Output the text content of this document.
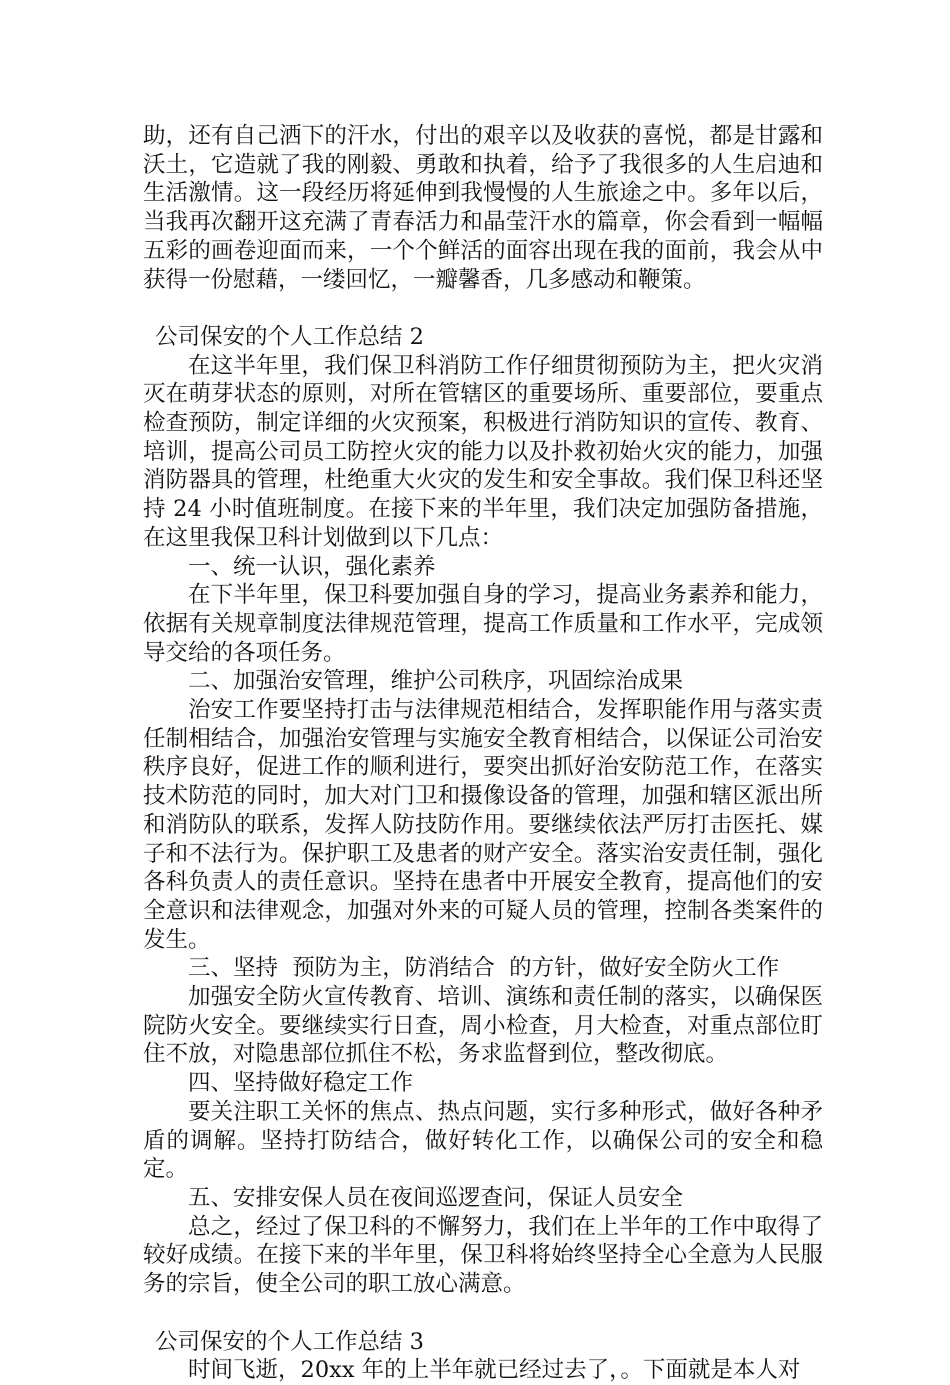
助，还有自己洒下的汗水，付出的艰辛以及收获的喜悦，都是甘露和沃土，它造就了我的刚毅、勇敢和执着，给予了我很多的人生启迪和生活激情。这一段经历将延伸到我慢慢的人生旅途之中。多年以后，当我再次翻开这充满了青春活力和晶莹汗水的篇章，你会看到一幅幅五彩的画卷迎面而来，一个个鲜活的面容出现在我的面前，我会从中获得一份慰藉，一缕回忆，一瓣馨香，几多感动和鞭策。

公司保安的个人工作总结 2

在这半年里，我们保卫科消防工作仔细贯彻预防为主，把火灾消灭在萌芽状态的原则，对所在管辖区的重要场所、重要部位，要重点检查预防，制定详细的火灾预案，积极进行消防知识的宣传、教育、培训，提高公司员工防控火灾的能力以及扑救初始火灾的能力，加强消防器具的管理，杜绝重大火灾的发生和安全事故。我们保卫科还坚持 24 小时值班制度。在接下来的半年里，我们决定加强防备措施，在这里我保卫科计划做到以下几点：

一、统一认识，强化素养

在下半年里，保卫科要加强自身的学习，提高业务素养和能力，依据有关规章制度法律规范管理，提高工作质量和工作水平，完成领导交给的各项任务。

二、加强治安管理，维护公司秩序，巩固综治成果

治安工作要坚持打击与法律规范相结合，发挥职能作用与落实责任制相结合，加强治安管理与实施安全教育相结合，以保证公司治安秩序良好，促进工作的顺利进行，要突出抓好治安防范工作，在落实技术防范的同时，加大对门卫和摄像设备的管理，加强和辖区派出所和消防队的联系，发挥人防技防作用。要继续依法严厉打击医托、媒子和不法行为。保护职工及患者的财产安全。落实治安责任制，强化各科负责人的责任意识。坚持在患者中开展安全教育，提高他们的安全意识和法律观念，加强对外来的可疑人员的管理，控制各类案件的发生。

三、坚持  预防为主，防消结合  的方针，做好安全防火工作

加强安全防火宣传教育、培训、演练和责任制的落实，以确保医院防火安全。要继续实行日查，周小检查，月大检查，对重点部位盯住不放，对隐患部位抓住不松，务求监督到位，整改彻底。

四、坚持做好稳定工作

要关注职工关怀的焦点、热点问题，实行多种形式，做好各种矛盾的调解。坚持打防结合，做好转化工作，以确保公司的安全和稳定。

五、安排安保人员在夜间巡逻查问，保证人员安全

总之，经过了保卫科的不懈努力，我们在上半年的工作中取得了较好成绩。在接下来的半年里，保卫科将始终坚持全心全意为人民服务的宗旨，使全公司的职工放心满意。

公司保安的个人工作总结 3

时间飞逝，20xx 年的上半年就已经过去了，。下面就是本人对
